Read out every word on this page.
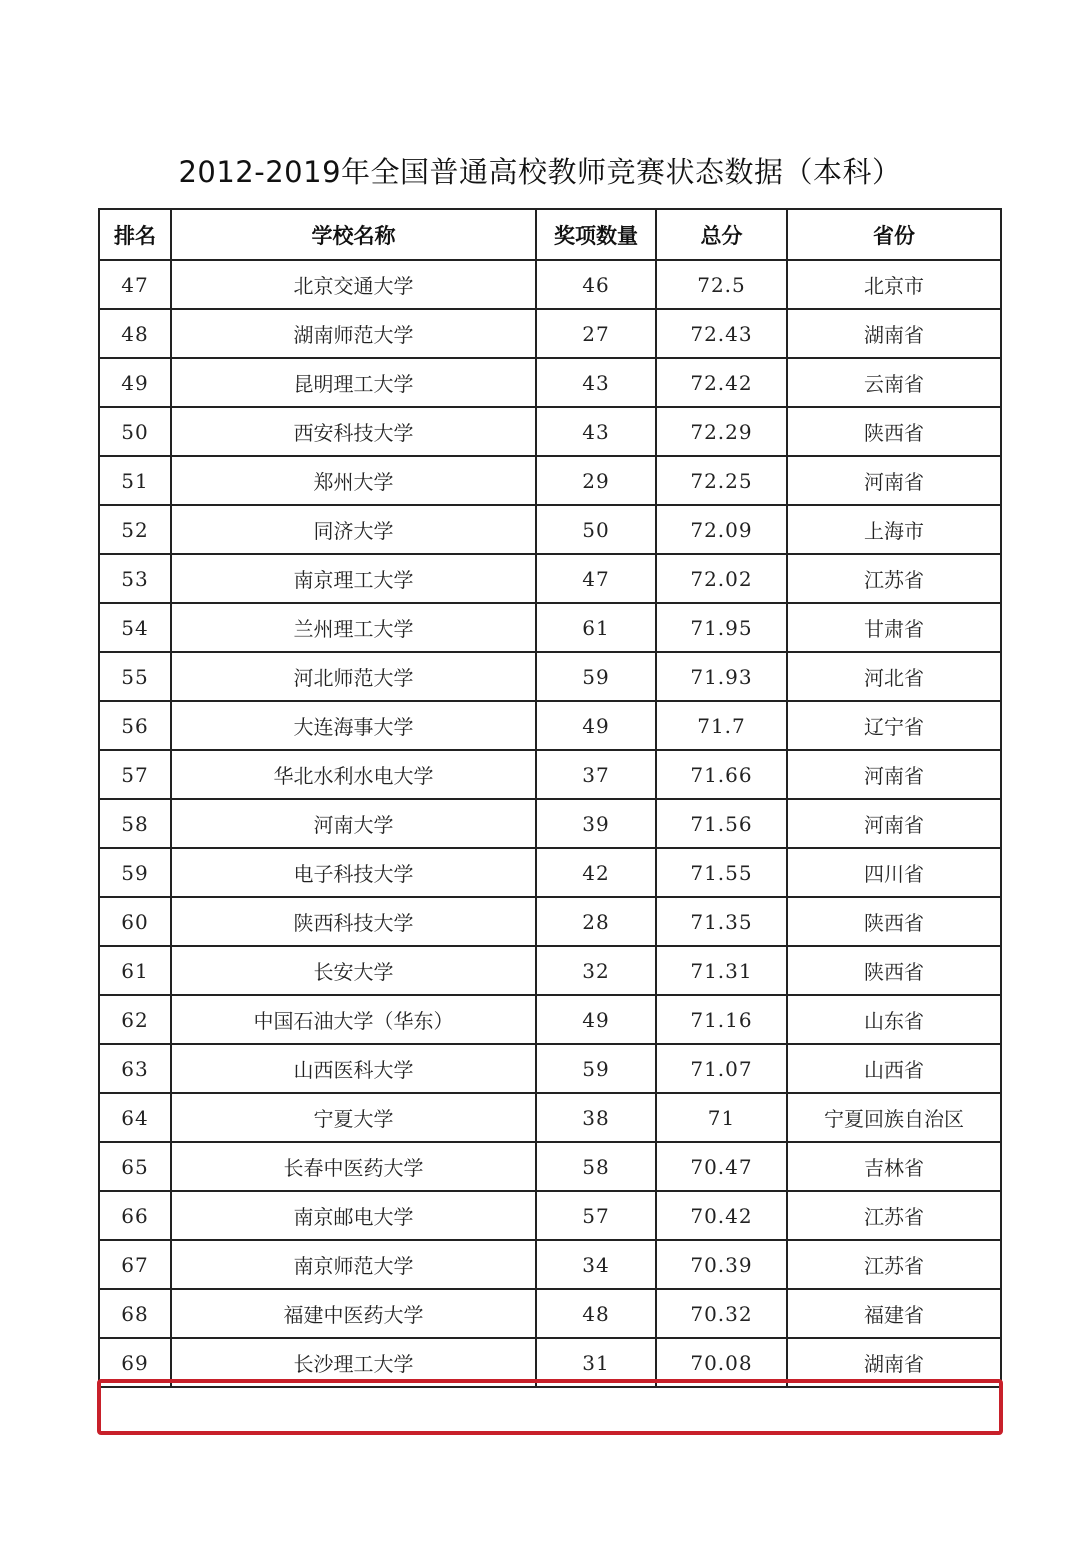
2012-2019年全国普通高校教师竞赛状态数据（本科）
排名	学校名称	奖项数量	总分	省份
47	北京交通大学	46	72.5	北京市
48	湖南师范大学	27	72.43	湖南省
49	昆明理工大学	43	72.42	云南省
50	西安科技大学	43	72.29	陕西省
51	郑州大学	29	72.25	河南省
52	同济大学	50	72.09	上海市
53	南京理工大学	47	72.02	江苏省
54	兰州理工大学	61	71.95	甘肃省
55	河北师范大学	59	71.93	河北省
56	大连海事大学	49	71.7	辽宁省
57	华北水利水电大学	37	71.66	河南省
58	河南大学	39	71.56	河南省
59	电子科技大学	42	71.55	四川省
60	陕西科技大学	28	71.35	陕西省
61	长安大学	32	71.31	陕西省
62	中国石油大学（华东）	49	71.16	山东省
63	山西医科大学	59	71.07	山西省
64	宁夏大学	38	71	宁夏回族自治区
65	长春中医药大学	58	70.47	吉林省
66	南京邮电大学	57	70.42	江苏省
67	南京师范大学	34	70.39	江苏省
68	福建中医药大学	48	70.32	福建省
69	长沙理工大学	31	70.08	湖南省
